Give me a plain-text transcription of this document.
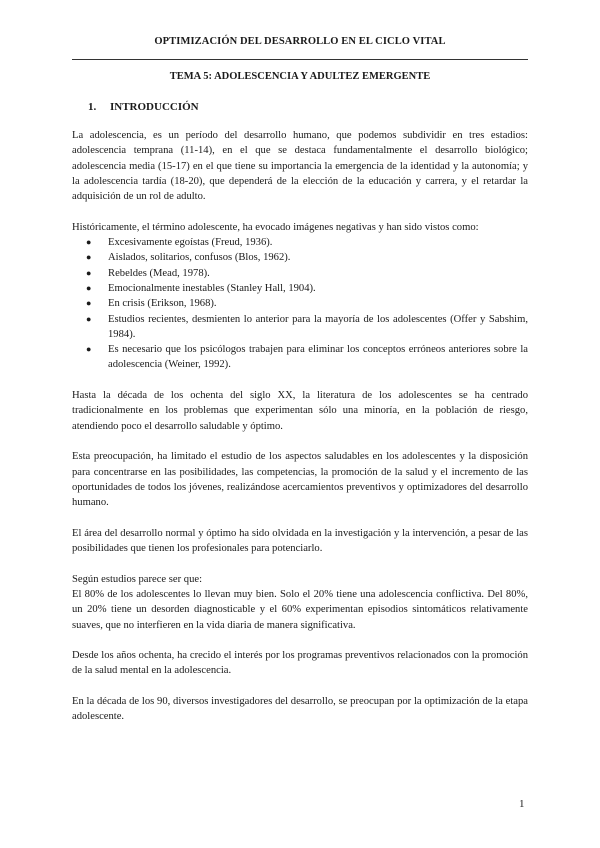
OPTIMIZACIÓN DEL DESARROLLO EN EL CICLO VITAL
TEMA 5: ADOLESCENCIA Y ADULTEZ EMERGENTE
1. INTRODUCCIÓN

La adolescencia, es un período del desarrollo humano, que podemos subdividir en tres estadios: adolescencia temprana (11-14), en el que se destaca fundamentalmente el desarrollo biológico; adolescencia media (15-17) en el que tiene su importancia la emergencia de la identidad y la autonomía; y la adolescencia tardía (18-20), que dependerá de la elección de la educación y carrera, y el retardar la adquisición de un rol de adulto.

Históricamente, el término adolescente, ha evocado imágenes negativas y han sido vistos como:

● Excesivamente egoístas (Freud, 1936).
● Aislados, solitarios, confusos (Blos, 1962).
● Rebeldes (Mead, 1978).
● Emocionalmente inestables (Stanley Hall, 1904).
● En crisis (Erikson, 1968).
● Estudios recientes, desmienten lo anterior para la mayoría de los adolescentes (Offer y Sabshim, 1984).
● Es necesario que los psicólogos trabajen para eliminar los conceptos erróneos anteriores sobre la adolescencia (Weiner, 1992).

Hasta la década de los ochenta del siglo XX, la literatura de los adolescentes se ha centrado tradicionalmente en los problemas que experimentan sólo una minoría, en la población de riesgo, atendiendo poco el desarrollo saludable y óptimo.

Esta preocupación, ha limitado el estudio de los aspectos saludables en los adolescentes y la disposición para concentrarse en las posibilidades, las competencias, la promoción de la salud y el incremento de las oportunidades de todos los jóvenes, realizándose acercamientos preventivos y optimizadores del desarrollo humano.

El área del desarrollo normal y óptimo ha sido olvidada en la investigación y la intervención, a pesar de las posibilidades que tienen los profesionales para potenciarlo.

Según estudios parece ser que:

El 80% de los adolescentes lo llevan muy bien. Solo el 20% tiene una adolescencia conflictiva. Del 80%, un 20% tiene un desorden diagnosticable y el 60% experimentan episodios sintomáticos relativamente suaves, que no interfieren en la vida diaria de manera significativa.

Desde los años ochenta, ha crecido el interés por los programas preventivos relacionados con la promoción de la salud mental en la adolescencia.

En la década de los 90, diversos investigadores del desarrollo, se preocupan por la optimización de la etapa adolescente.

1
